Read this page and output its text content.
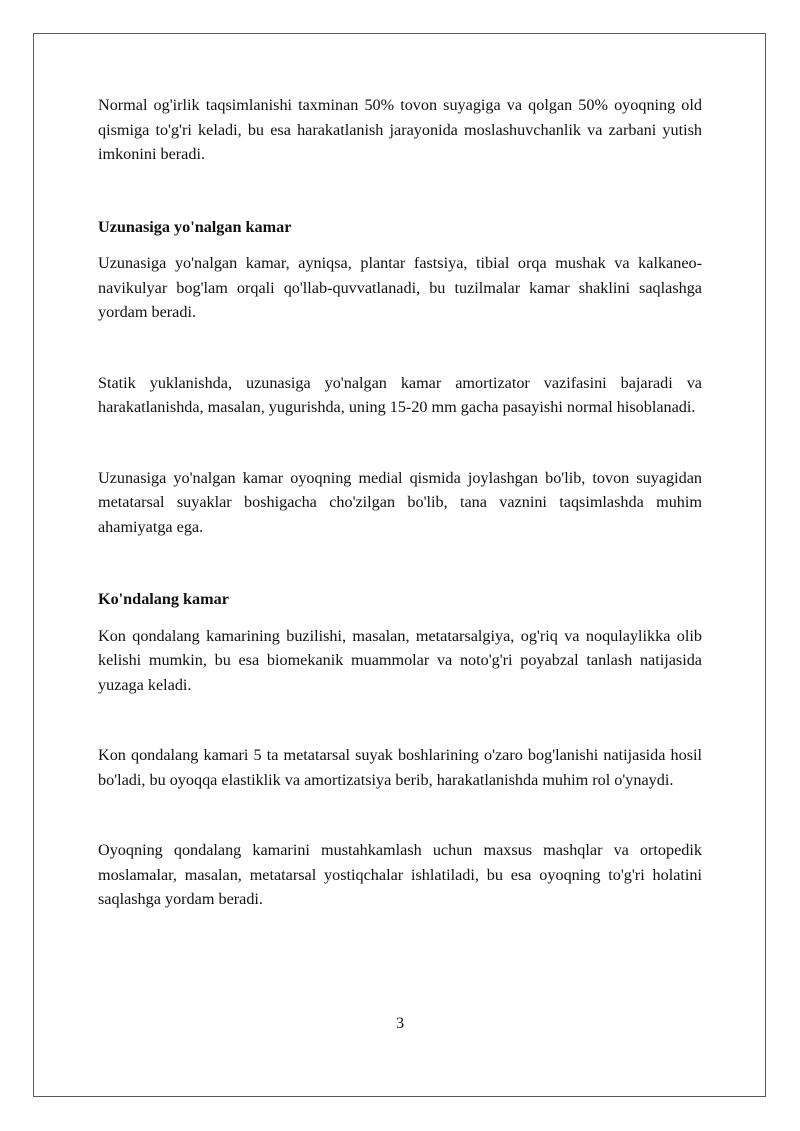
Normal og'irlik taqsimlanishi taxminan 50% tovon suyagiga va qolgan 50% oyoqning old qismiga to'g'ri keladi, bu esa harakatlanish jarayonida moslashuvchanlik va zarbani yutish imkonini beradi.

Uzunasiga yo'nalgan kamar

Uzunasiga yo'nalgan kamar, ayniqsa, plantar fastsiya, tibial orqa mushak va kalkaneo-navikulyar bog'lam orqali qo'llab-quvvatlanadi, bu tuzilmalar kamar shaklini saqlashga yordam beradi.

Statik yuklanishda, uzunasiga yo'nalgan kamar amortizator vazifasini bajaradi va harakatlanishda, masalan, yugurishda, uning 15-20 mm gacha pasayishi normal hisoblanadi.

Uzunasiga yo'nalgan kamar oyoqning medial qismida joylashgan bo'lib, tovon suyagidan metatarsal suyaklar boshigacha cho'zilgan bo'lib, tana vaznini taqsimlashda muhim ahamiyatga ega.

Ko'ndalang kamar

Kon qondalang kamarining buzilishi, masalan, metatarsalgiya, og'riq va noqulaylikka olib kelishi mumkin, bu esa biomekanik muammolar va noto'g'ri poyabzal tanlash natijasida yuzaga keladi.

Kon qondalang kamari 5 ta metatarsal suyak boshlarining o'zaro bog'lanishi natijasida hosil bo'ladi, bu oyoqqa elastiklik va amortizatsiya berib, harakatlanishda muhim rol o'ynaydi.

Oyoqning qondalang kamarini mustahkamlash uchun maxsus mashqlar va ortopedik moslamalar, masalan, metatarsal yostiqchalar ishlatiladi, bu esa oyoqning to'g'ri holatini saqlashga yordam beradi.

3
